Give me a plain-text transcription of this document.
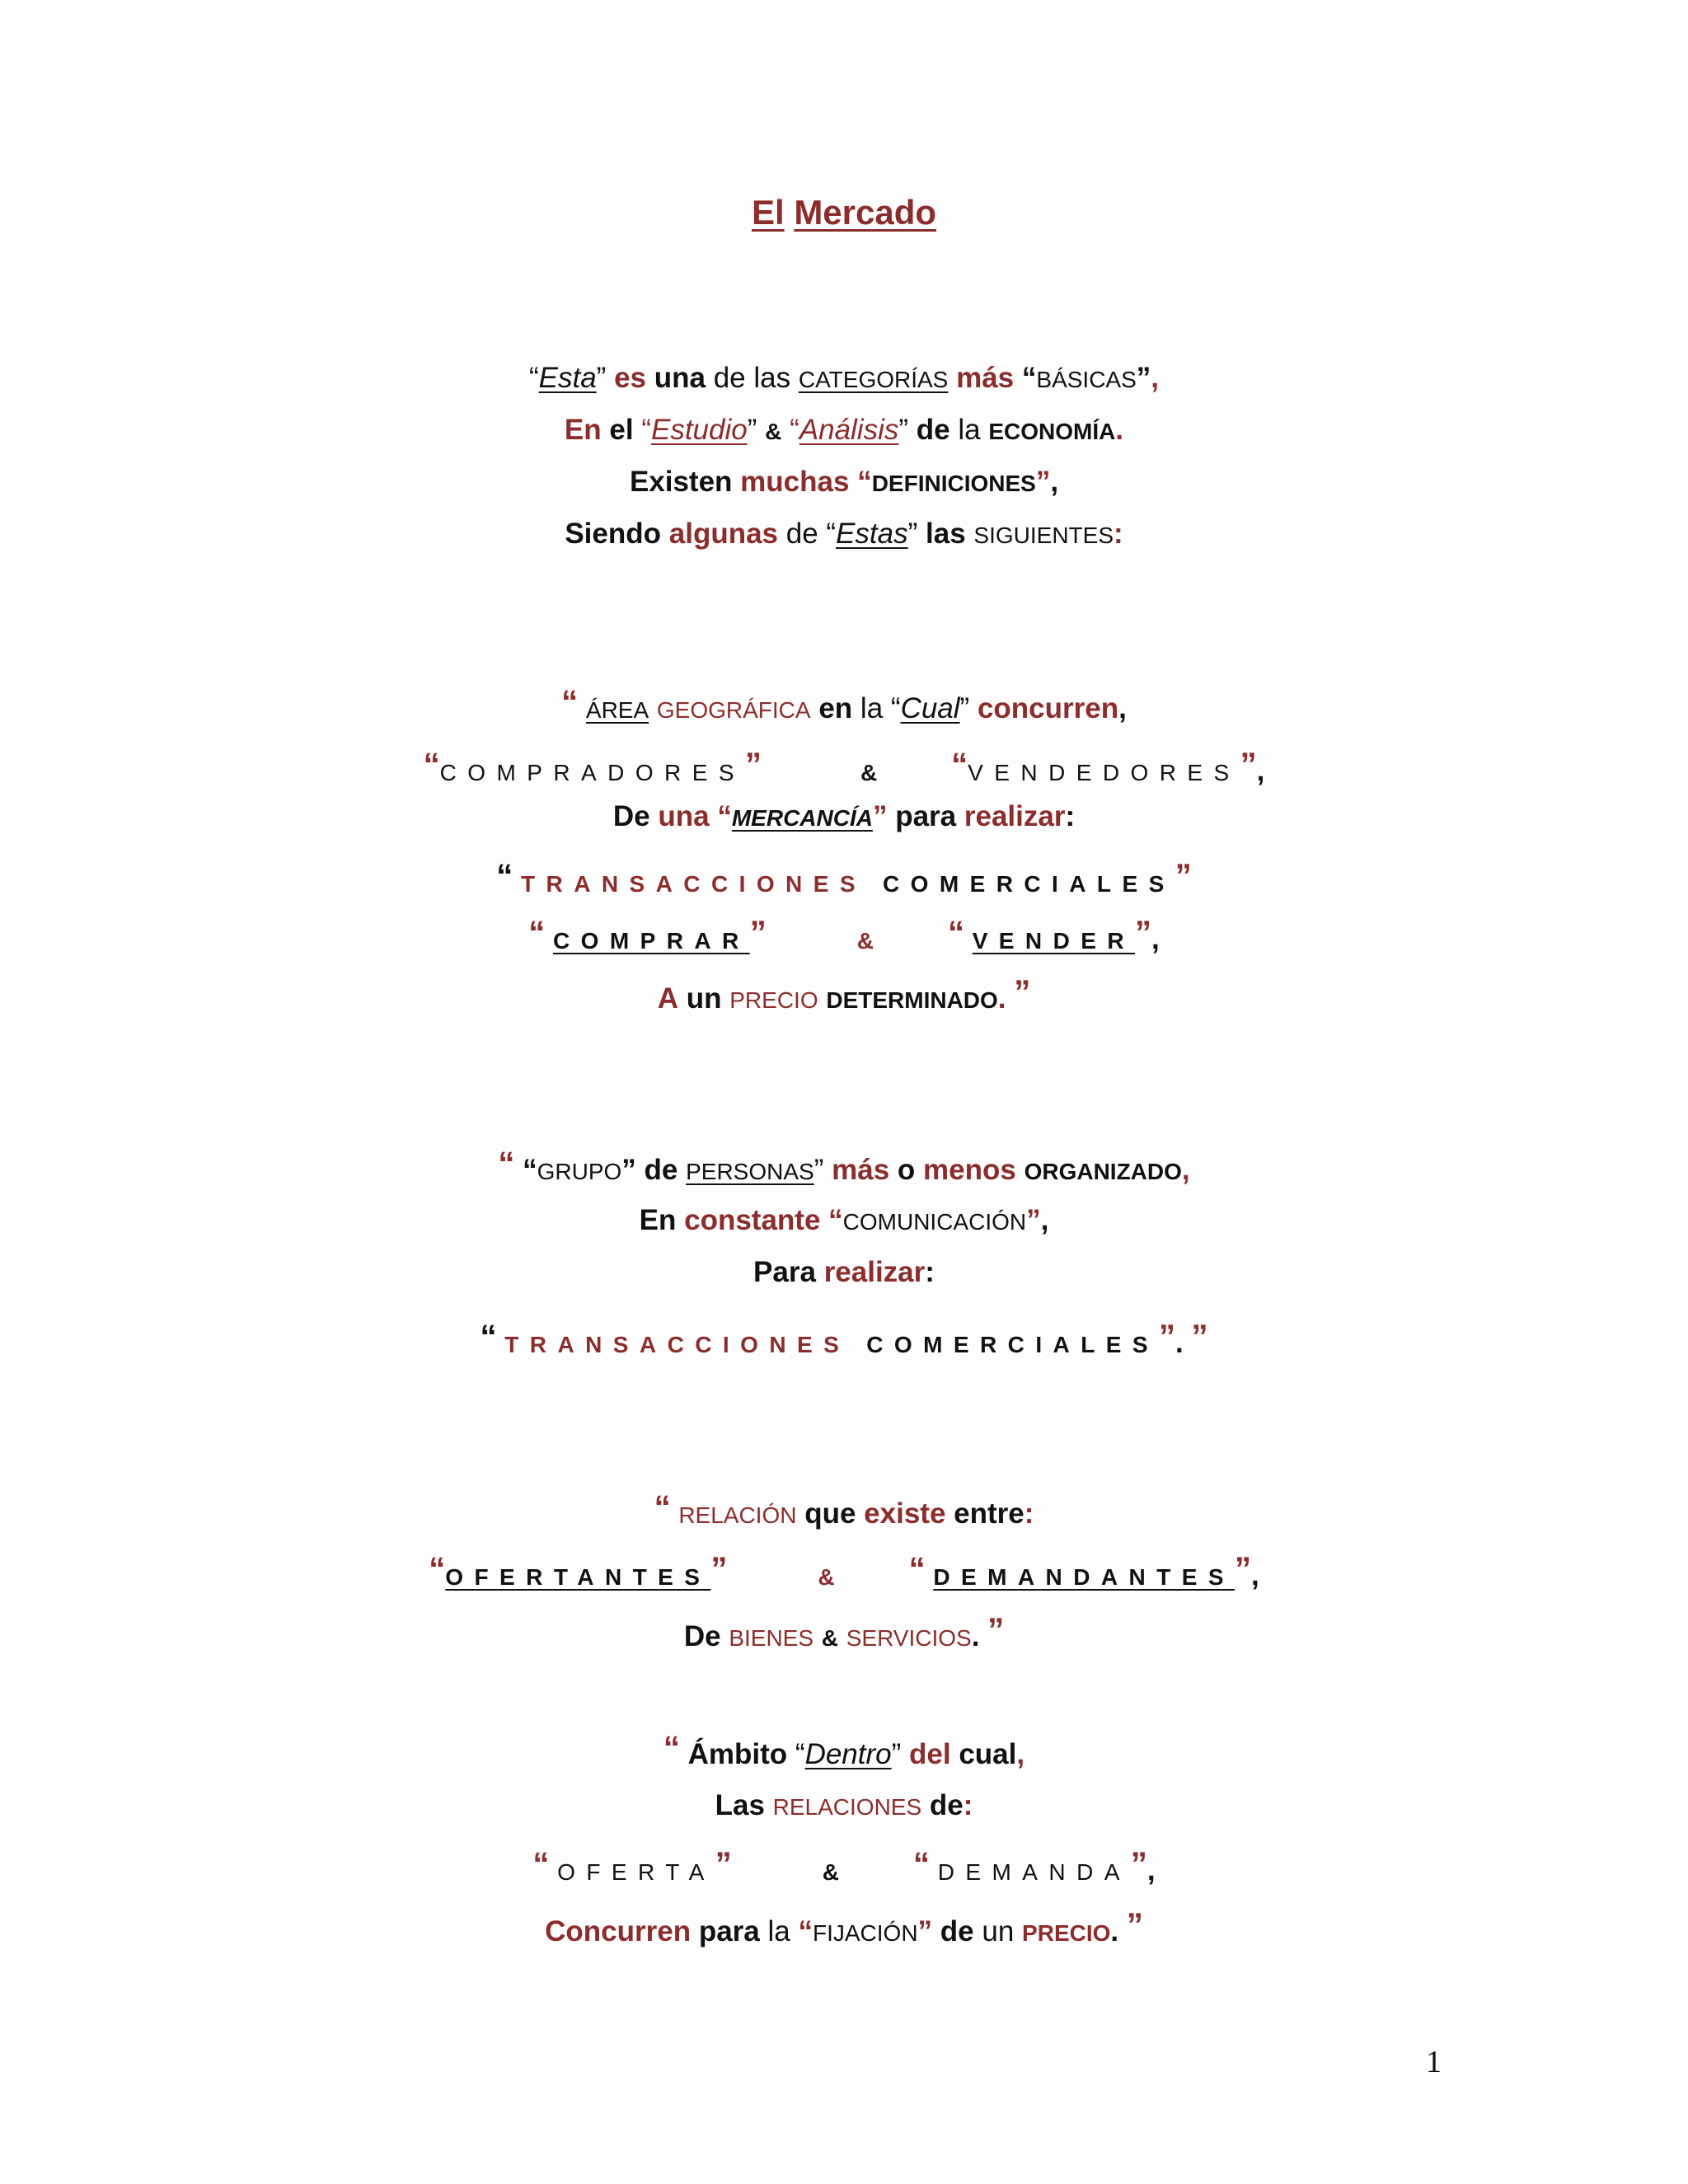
El Mercado
“Esta” es una de las CATEGORÍAS más “BÁSICAS”,
En el “Estudio” & “Análisis” de la ECONOMÍA.
Existen muchas “DEFINICIONES”,
Siendo algunas de “Estas” las SIGUIENTES:
“ ÁREA GEOGRÁFICA en la “Cual” concurren,
“COMPRADORES”	& “VENDEDORES”,
De una “MERCANCÍA” para realizar:
“ TRANSACCIONES COMERCIALES”
“ COMPRAR”	& “ VENDER”,
A un PRECIO DETERMINADO. ”
“ “GRUPO” de PERSONAS” más o menos ORGANIZADO,
En constante “COMUNICACIÓN”,
Para realizar:
“ TRANSACCIONES COMERCIALES”. ”
“ RELACIÓN que existe entre:
“OFERTANTES”	& “ DEMANDANTES”,
De BIENES & SERVICIOS. ”
“ Ámbito “Dentro” del cual,
Las RELACIONES de:
“ OFERTA”	& “ DEMANDA”,
Concurren para la “FIJACIÓN” de un PRECIO. ”
1
